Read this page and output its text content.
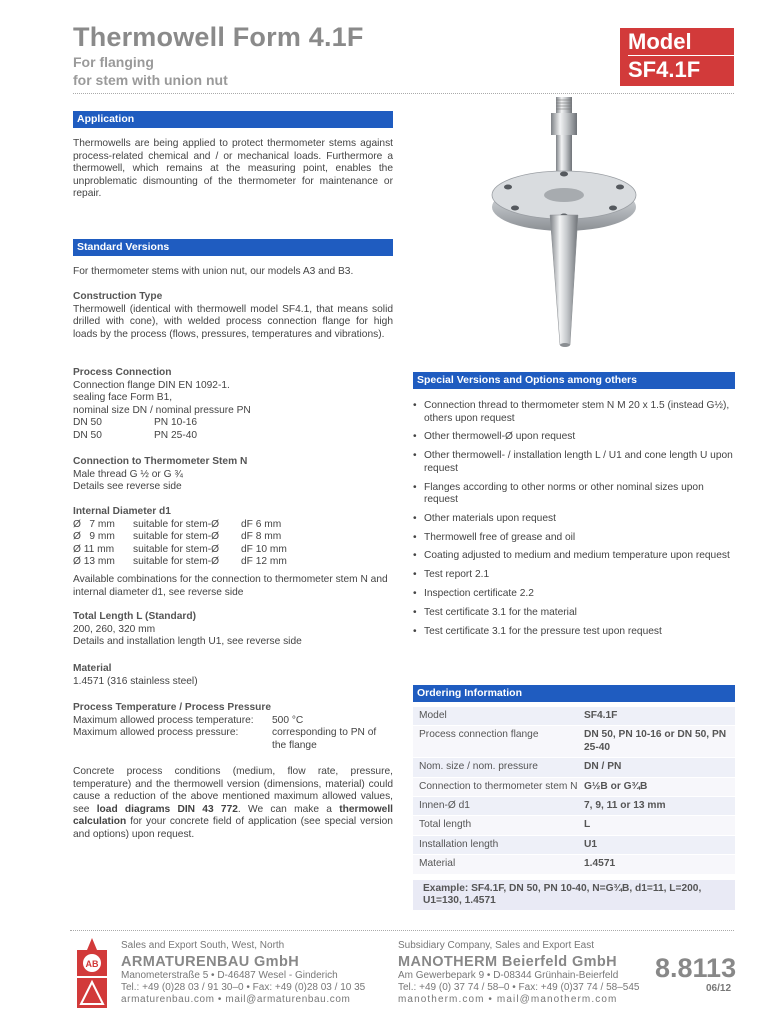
Thermowell Form 4.1F
For flanging
for stem with union nut
Model
SF4.1F
Application
Thermowells are being applied to protect thermometer stems against process-related chemical and / or mechanical loads. Furthermore a thermowell, which remains at the measuring point, enables the unproblematic dismounting of the thermometer for maintenance or repair.
Standard Versions
For thermometer stems with union nut, our models A3 and B3.
Construction Type
Thermowell (identical with thermowell model SF4.1, that means solid drilled with cone), with welded process connection flange for high loads by the process (flows, pressures, temperatures and vibrations).
Process Connection
Connection flange DIN EN 1092-1.
sealing face Form B1,
nominal size DN / nominal pressure PN
DN 50	PN 10-16
DN 50	PN 25-40
Connection to Thermometer Stem N
Male thread G ½ or G ¾
Details see reverse side
Internal Diameter d1
Ø   7 mm	suitable for stem-Ø	dF 6 mm
Ø   9 mm	suitable for stem-Ø	dF 8 mm
Ø 11 mm	suitable for stem-Ø	dF 10 mm
Ø 13 mm	suitable for stem-Ø	dF 12 mm
Available combinations for the connection to thermometer stem N and internal diameter d1, see reverse side
Total Length L (Standard)
200, 260, 320 mm
Details and installation length U1, see reverse side
Material
1.4571 (316 stainless steel)
Process Temperature / Process Pressure
Maximum allowed process temperature:	500 °C
Maximum allowed process pressure:	corresponding to PN of the flange
Concrete process conditions (medium, flow rate, pressure, temperature) and the thermowell version (dimensions, material) could cause a reduction of the above mentioned maximum allowed values, see load diagrams DIN 43 772. We can make a thermowell calculation for your concrete field of application (see special version and options) upon request.
Special Versions and Options among others
• Connection thread to thermometer stem N M 20 x 1.5 (instead G½), others upon request
• Other thermowell-Ø upon request
• Other thermowell- / installation length L / U1 and cone length U upon request
• Flanges according to other norms or other nominal sizes upon request
• Other materials upon request
• Thermowell free of grease and oil
• Coating adjusted to medium and medium temperature upon request
• Test report 2.1
• Inspection certificate 2.2
• Test certificate 3.1 for the material
• Test certificate 3.1 for the pressure test upon request
Ordering Information
Model	SF4.1F
Process connection flange	DN 50, PN 10-16 or DN 50, PN 25-40
Nom. size / nom. pressure	DN / PN
Connection to thermometer stem N G½B or G¾B
Innen-Ø d1	7, 9, 11 or 13 mm
Total length	L
Installation length	U1
Material	1.4571
Example: SF4.1F, DN 50, PN 10-40, N=G¾B, d1=11, L=200, U1=130, 1.4571
AB
Sales and Export South, West, North
ARMATURENBAU GmbH
Manometerstraße 5 • D-46487 Wesel - Ginderich
Tel.: +49 (0)28 03 / 91 30–0 • Fax: +49 (0)28 03 / 10 35
armaturenbau.com • mail@armaturenbau.com
Subsidiary Company, Sales and Export East
MANOTHERM Beierfeld GmbH
Am Gewerbepark 9 • D-08344 Grünhain-Beierfeld
Tel.: +49 (0) 37 74 / 58–0 • Fax: +49 (0)37 74 / 58–545
manotherm.com • mail@manotherm.com
8.8113
06/12
